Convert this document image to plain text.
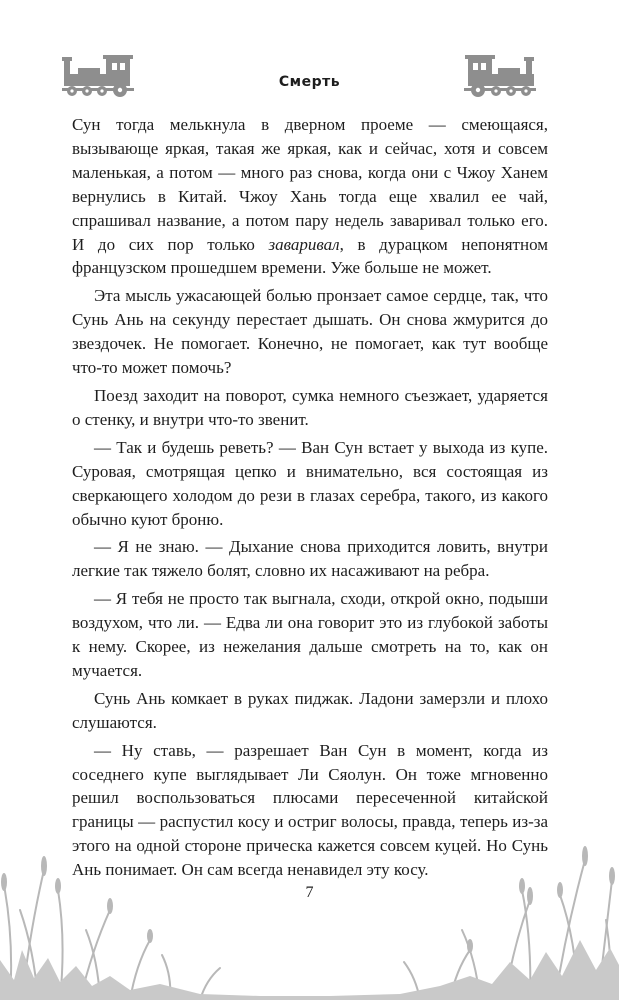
Смерть

Сун тогда мелькнула в дверном проеме — смеющаяся, вызывающе яркая, такая же яркая, как и сейчас, хотя и совсем маленькая, а потом — много раз снова, когда они с Чжоу Ханем вернулись в Китай. Чжоу Хань тогда еще хвалил ее чай, спрашивал название, а потом пару недель заваривал только его. И до сих пор только заваривал, в дурацком непонятном французском прошедшем времени. Уже больше не может.

Эта мысль ужасающей болью пронзает самое сердце, так, что Сунь Ань на секунду перестает дышать. Он снова жмурится до звездочек. Не помогает. Конечно, не помогает, как тут вообще что-то может помочь?

Поезд заходит на поворот, сумка немного съезжает, ударяется о стенку, и внутри что-то звенит.

— Так и будешь реветь? — Ван Сун встает у выхода из купе. Суровая, смотрящая цепко и внимательно, вся состоящая из сверкающего холодом до рези в глазах серебра, такого, из какого обычно куют броню.

— Я не знаю. — Дыхание снова приходится ловить, внутри легкие так тяжело болят, словно их насаживают на ребра.

— Я тебя не просто так выгнала, сходи, открой окно, подыши воздухом, что ли. — Едва ли она говорит это из глубокой заботы к нему. Скорее, из нежелания дальше смотреть на то, как он мучается.

Сунь Ань комкает в руках пиджак. Ладони замерзли и плохо слушаются.

— Ну ставь, — разрешает Ван Сун в момент, когда из соседнего купе выглядывает Ли Сяолун. Он тоже мгновенно решил воспользоваться плюсами пересеченной китайской границы — распустил косу и остриг волосы, правда, теперь из-за этого на одной стороне прическа кажется совсем куцей. Но Сунь Ань понимает. Он сам всегда ненавидел эту косу.

7
